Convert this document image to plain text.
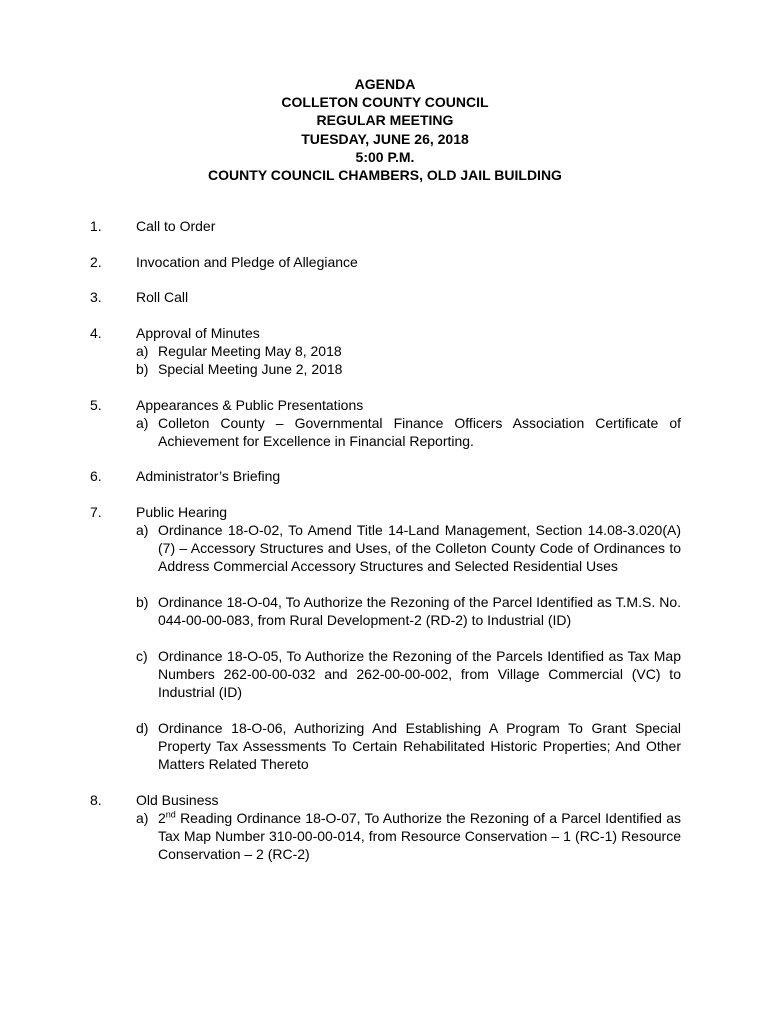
AGENDA
COLLETON COUNTY COUNCIL
REGULAR MEETING
TUESDAY, JUNE 26, 2018
5:00 P.M.
COUNTY COUNCIL CHAMBERS, OLD JAIL BUILDING
1.	Call to Order
2.	Invocation and Pledge of Allegiance
3.	Roll Call
4.	Approval of Minutes
a) Regular Meeting May 8, 2018
b) Special Meeting June 2, 2018
5.	Appearances & Public Presentations
a) Colleton County – Governmental Finance Officers Association Certificate of Achievement for Excellence in Financial Reporting.
6.	Administrator’s Briefing
7.	Public Hearing
a) Ordinance 18-O-02, To Amend Title 14-Land Management, Section 14.08-3.020(A)(7) – Accessory Structures and Uses, of the Colleton County Code of Ordinances to Address Commercial Accessory Structures and Selected Residential Uses
b) Ordinance 18-O-04, To Authorize the Rezoning of the Parcel Identified as T.M.S. No. 044-00-00-083, from Rural Development-2 (RD-2) to Industrial (ID)
c) Ordinance 18-O-05, To Authorize the Rezoning of the Parcels Identified as Tax Map Numbers 262-00-00-032 and 262-00-00-002, from Village Commercial (VC) to Industrial (ID)
d) Ordinance 18-O-06, Authorizing And Establishing A Program To Grant Special Property Tax Assessments To Certain Rehabilitated Historic Properties; And Other Matters Related Thereto
8.	Old Business
a) 2nd Reading Ordinance 18-O-07, To Authorize the Rezoning of a Parcel Identified as Tax Map Number 310-00-00-014, from Resource Conservation – 1 (RC-1) Resource Conservation – 2 (RC-2)
